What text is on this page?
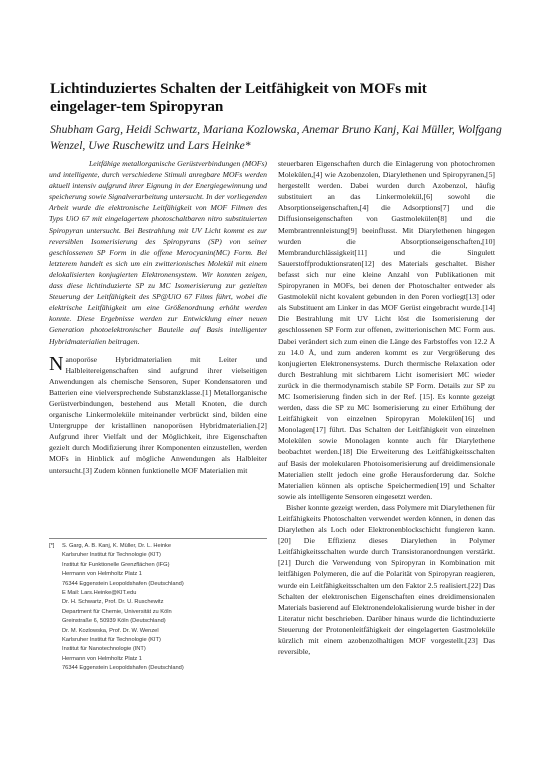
Lichtinduziertes Schalten der Leitfähigkeit von MOFs mit eingelager-tem Spiropyran
Shubham Garg, Heidi Schwartz, Mariana Kozlowska, Anemar Bruno Kanj, Kai Müller, Wolfgang Wenzel, Uwe Ruschewitz und Lars Heinke*

Leitfähige metallorganische Gerüstverbindungen (MOFs) und intelligente, durch verschiedene Stimuli anregbare MOFs werden aktuell intensiv aufgrund ihrer Eignung in der Energiegewinnung und speicherung sowie Signalverarbeitung untersucht. In der vorliegenden Arbeit wurde die elektronische Leitfähigkeit von MOF Filmen des Typs UiO 67 mit eingelagertem photoschaltbaren nitro substituierten Spiropyran untersucht. Bei Bestrahlung mit UV Licht kommt es zur reversiblen Isomerisierung des Spiropyrans (SP) von seiner geschlossenen SP Form in die offene Merocyanin(MC) Form. Bei letzterem handelt es sich um ein zwitterionisches Molekül mit einem delokalisierten konjugierten Elektronensystem. Wir konnten zeigen, dass diese lichtinduzierte SP zu MC Isomerisierung zur gezielten Steuerung der Leitfähigkeit des SP@UiO 67 Films führt, wobei die elektrische Leitfähigkeit um eine Größenordnung erhöht werden konnte. Diese Ergebnisse werden zur Entwicklung einer neuen Generation photoelektronischer Bauteile auf Basis intelligenter Hybridmaterialien beitragen.

Nanoporöse Hybridmaterialien mit Leiter und Halbleitereigenschaften sind aufgrund ihrer vielseitigen Anwendungen als chemische Sensoren, Super Kondensatoren und Batterien eine vielversprechende Substanzklasse.[1] Metallorganische Gerüstverbindungen, bestehend aus Metall Knoten, die durch organische Linkermoleküle miteinander verbrückt sind, bilden eine Untergruppe der kristallinen nanoporösen Hybridmaterialien.[2] Aufgrund ihrer Vielfalt und der Möglichkeit, ihre Eigenschaften gezielt durch Modifizierung ihrer Komponenten einzustellen, werden MOFs in Hinblick auf mögliche Anwendungen als Halbleiter untersucht.[3] Zudem können funktionelle MOF Materialien mit

[*] S. Garg, A. B. Kanj, K. Müller, Dr. L. Heinke
Karlsruher Institut für Technologie (KIT)
Institut für Funktionelle Grenzflächen (IFG)
Hermann von Helmholtz Platz 1
76344 Eggenstein Leopoldshafen (Deutschland)
E Mail: Lars.Heinke@KIT.edu
Dr. H. Schwartz, Prof. Dr. U. Ruschewitz
Department für Chemie, Universität zu Köln
Greinstraße 6, 50939 Köln (Deutschland)
Dr. M. Kozlowska, Prof. Dr. W. Wenzel
Karlsruher Institut für Technologie (KIT)
Institut für Nanotechnologie (INT)
Hermann von Helmholtz Platz 1
76344 Eggenstein Leopoldshafen (Deutschland)

steuerbaren Eigenschaften durch die Einlagerung von photochromen Molekülen,[4] wie Azobenzolen, Diarylethenen und Spiropyranen,[5] hergestellt werden. Dabei wurden durch Azobenzol, häufig substituiert an das Linkermolekül,[6] sowohl die Absorptionseigenschaften,[4] die Adsorptions[7] und die Diffusionseigenschaften von Gastmolekülen[8] und die Membrantrennleistung[9] beeinflusst. Mit Diarylethenen hingegen wurden die Absorptionseigenschaften,[10] Membrandurchlässigkeit[11] und die Singulett Sauerstoffproduktionsraten[12] des Materials geschaltet. Bisher befasst sich nur eine kleine Anzahl von Publikationen mit Spiropyranen in MOFs, bei denen der Photoschalter entweder als Gastmolekül nicht kovalent gebunden in den Poren vorliegt[13] oder als Substituent am Linker in das MOF Gerüst eingebracht wurde.[14] Die Bestrahlung mit UV Licht löst die Isomerisierung der geschlossenen SP Form zur offenen, zwitterionischen MC Form aus. Dabei verändert sich zum einen die Länge des Farbstoffes von 12.2 Å zu 14.0 Å, und zum anderen kommt es zur Vergrößerung des konjugierten Elektronensystems. Durch thermische Relaxation oder durch Bestrahlung mit sichtbarem Licht isomerisiert MC wieder zurück in die thermodynamisch stabile SP Form. Details zur SP zu MC Isomerisierung finden sich in der Ref. [15]. Es konnte gezeigt werden, dass die SP zu MC Isomerisierung zu einer Erhöhung der Leitfähigkeit von einzelnen Spiropyran Molekülen[16] und Monolagen[17] führt. Das Schalten der Leitfähigkeit von einzelnen Molekülen sowie Monolagen konnte auch für Diarylethene beobachtet werden.[18] Die Erweiterung des Leitfähigkeitsschalten auf Basis der molekularen Photoisomerisierung auf dreidimensionale Materialien stellt jedoch eine große Herausforderung dar. Solche Materialien können als optische Speichermedien[19] und Schalter sowie als intelligente Sensoren eingesetzt werden.

Bisher konnte gezeigt werden, dass Polymere mit Diarylethenen für Leitfähigkeits Photoschalten verwendet werden können, in denen das Diarylethen als Loch oder Elektronenblockschicht fungieren kann.[20] Die Effizienz dieses Diarylethen in Polymer Leitfähigkeitsschalten wurde durch Transistoranordnungen verstärkt.[21] Durch die Verwendung von Spiropyran in Kombination mit leitfähigen Polymeren, die auf die Polarität von Spiropyran reagieren, wurde ein Leitfähigkeitsschalten um den Faktor 2.5 realisiert.[22] Das Schalten der elektronischen Eigenschaften eines dreidimensionalen Materials basierend auf Elektronendelokalisierung wurde bisher in der Literatur nicht beschrieben. Darüber hinaus wurde die lichtinduzierte Steuerung der Protonenleitfähigkeit der eingelagerten Gastmoleküle kürzlich mit einem azobenzolhaltigen MOF vorgestellt.[23] Das reversible,
